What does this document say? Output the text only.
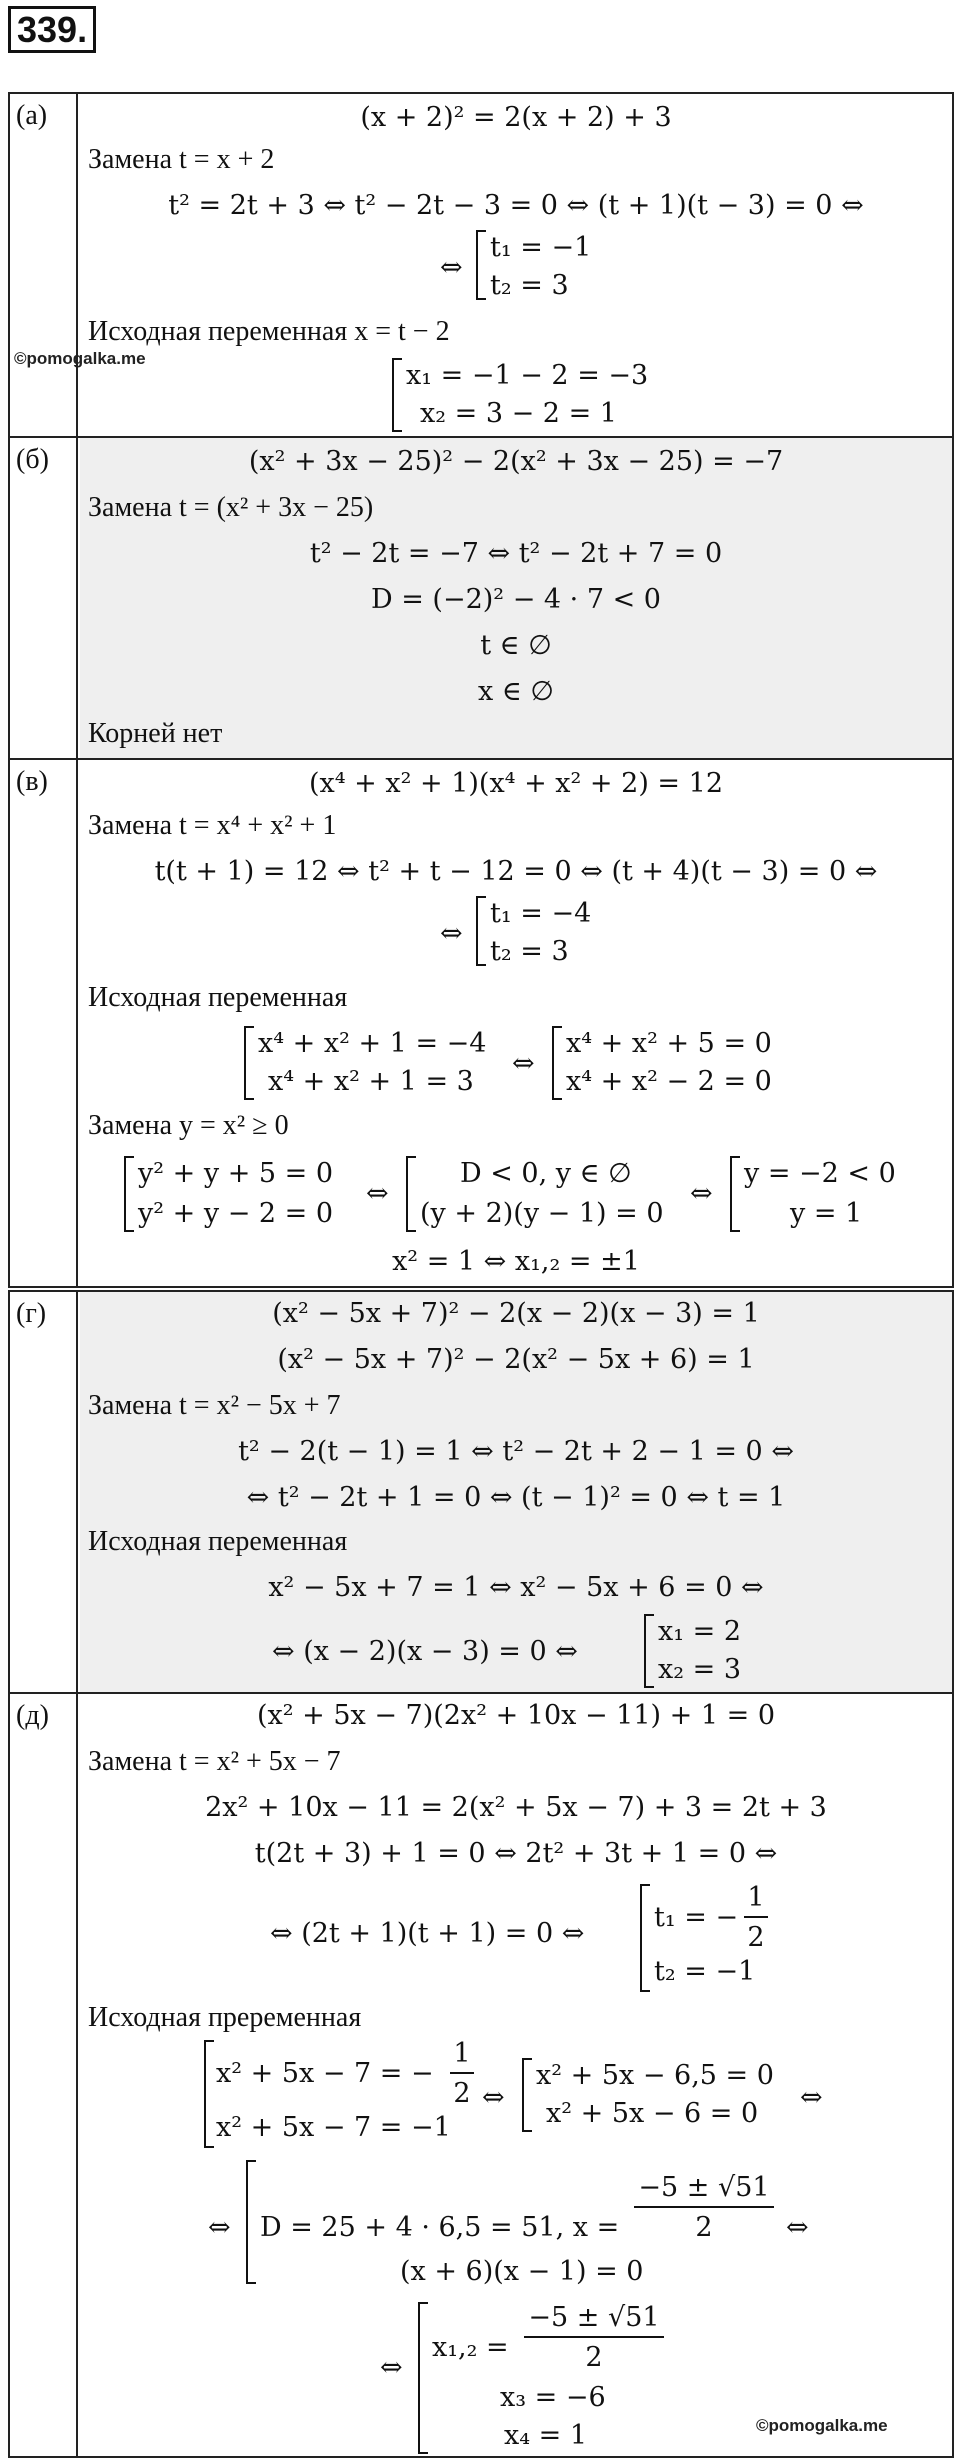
339.
(а)	(x + 2)² = 2(x + 2) + 3
Замена t = x + 2
t² = 2t + 3 ⇔ t² − 2t − 3 = 0 ⇔ (t + 1)(t − 3) = 0 ⇔
⇔
t₁ = −1
t₂ = 3
Исходная переменная x = t − 2
x₁ = −1 − 2 = −3
x₂ = 3 − 2 = 1
©pomogalka.me
(б)	(x² + 3x − 25)² − 2(x² + 3x − 25) = −7
Замена t = (x² + 3x − 25)
t² − 2t = −7 ⇔ t² − 2t + 7 = 0
D = (−2)² − 4 · 7 < 0
t ∈ ∅
x ∈ ∅
Корней нет
(в)	(x⁴ + x² + 1)(x⁴ + x² + 2) = 12
Замена t = x⁴ + x² + 1
t(t + 1) = 12 ⇔ t² + t − 12 = 0 ⇔ (t + 4)(t − 3) = 0 ⇔
⇔
t₁ = −4
t₂ = 3
Исходная переменная
x⁴ + x² + 1 = −4
x⁴ + x² + 1 = 3
⇔
x⁴ + x² + 5 = 0
x⁴ + x² − 2 = 0
Замена y = x² ≥ 0
y² + y + 5 = 0
y² + y − 2 = 0
⇔
D < 0, y ∈ ∅
(y + 2)(y − 1) = 0
⇔
y = −2 < 0
y = 1
x² = 1 ⇔ x₁,₂ = ±1
(г)	(x² − 5x + 7)² − 2(x − 2)(x − 3) = 1
(x² − 5x + 7)² − 2(x² − 5x + 6) = 1
Замена t = x² − 5x + 7
t² − 2(t − 1) = 1 ⇔ t² − 2t + 2 − 1 = 0 ⇔
⇔ t² − 2t + 1 = 0 ⇔ (t − 1)² = 0 ⇔ t = 1
Исходная переменная
x² − 5x + 7 = 1 ⇔ x² − 5x + 6 = 0 ⇔
⇔ (x − 2)(x − 3) = 0 ⇔
x₁ = 2
x₂ = 3
(д)	(x² + 5x − 7)(2x² + 10x − 11) + 1 = 0
Замена t = x² + 5x − 7
2x² + 10x − 11 = 2(x² + 5x − 7) + 3 = 2t + 3
t(2t + 3) + 1 = 0 ⇔ 2t² + 3t + 1 = 0 ⇔
⇔ (2t + 1)(t + 1) = 0 ⇔
t₁ = −
1
2
t₂ = −1
Исходная преременная
x² + 5x − 7 = −
1
2
x² + 5x − 7 = −1
⇔
x² + 5x − 6,5 = 0
x² + 5x − 6 = 0
⇔
⇔ D = 25 + 4 · 6,5 = 51, x =
−5 ± √51
2	⇔
(x + 6)(x − 1) = 0
⇔
x₁,₂ =
−5 ± √51
2
x₃ = −6
x₄ = 1	©pomogalka.me
